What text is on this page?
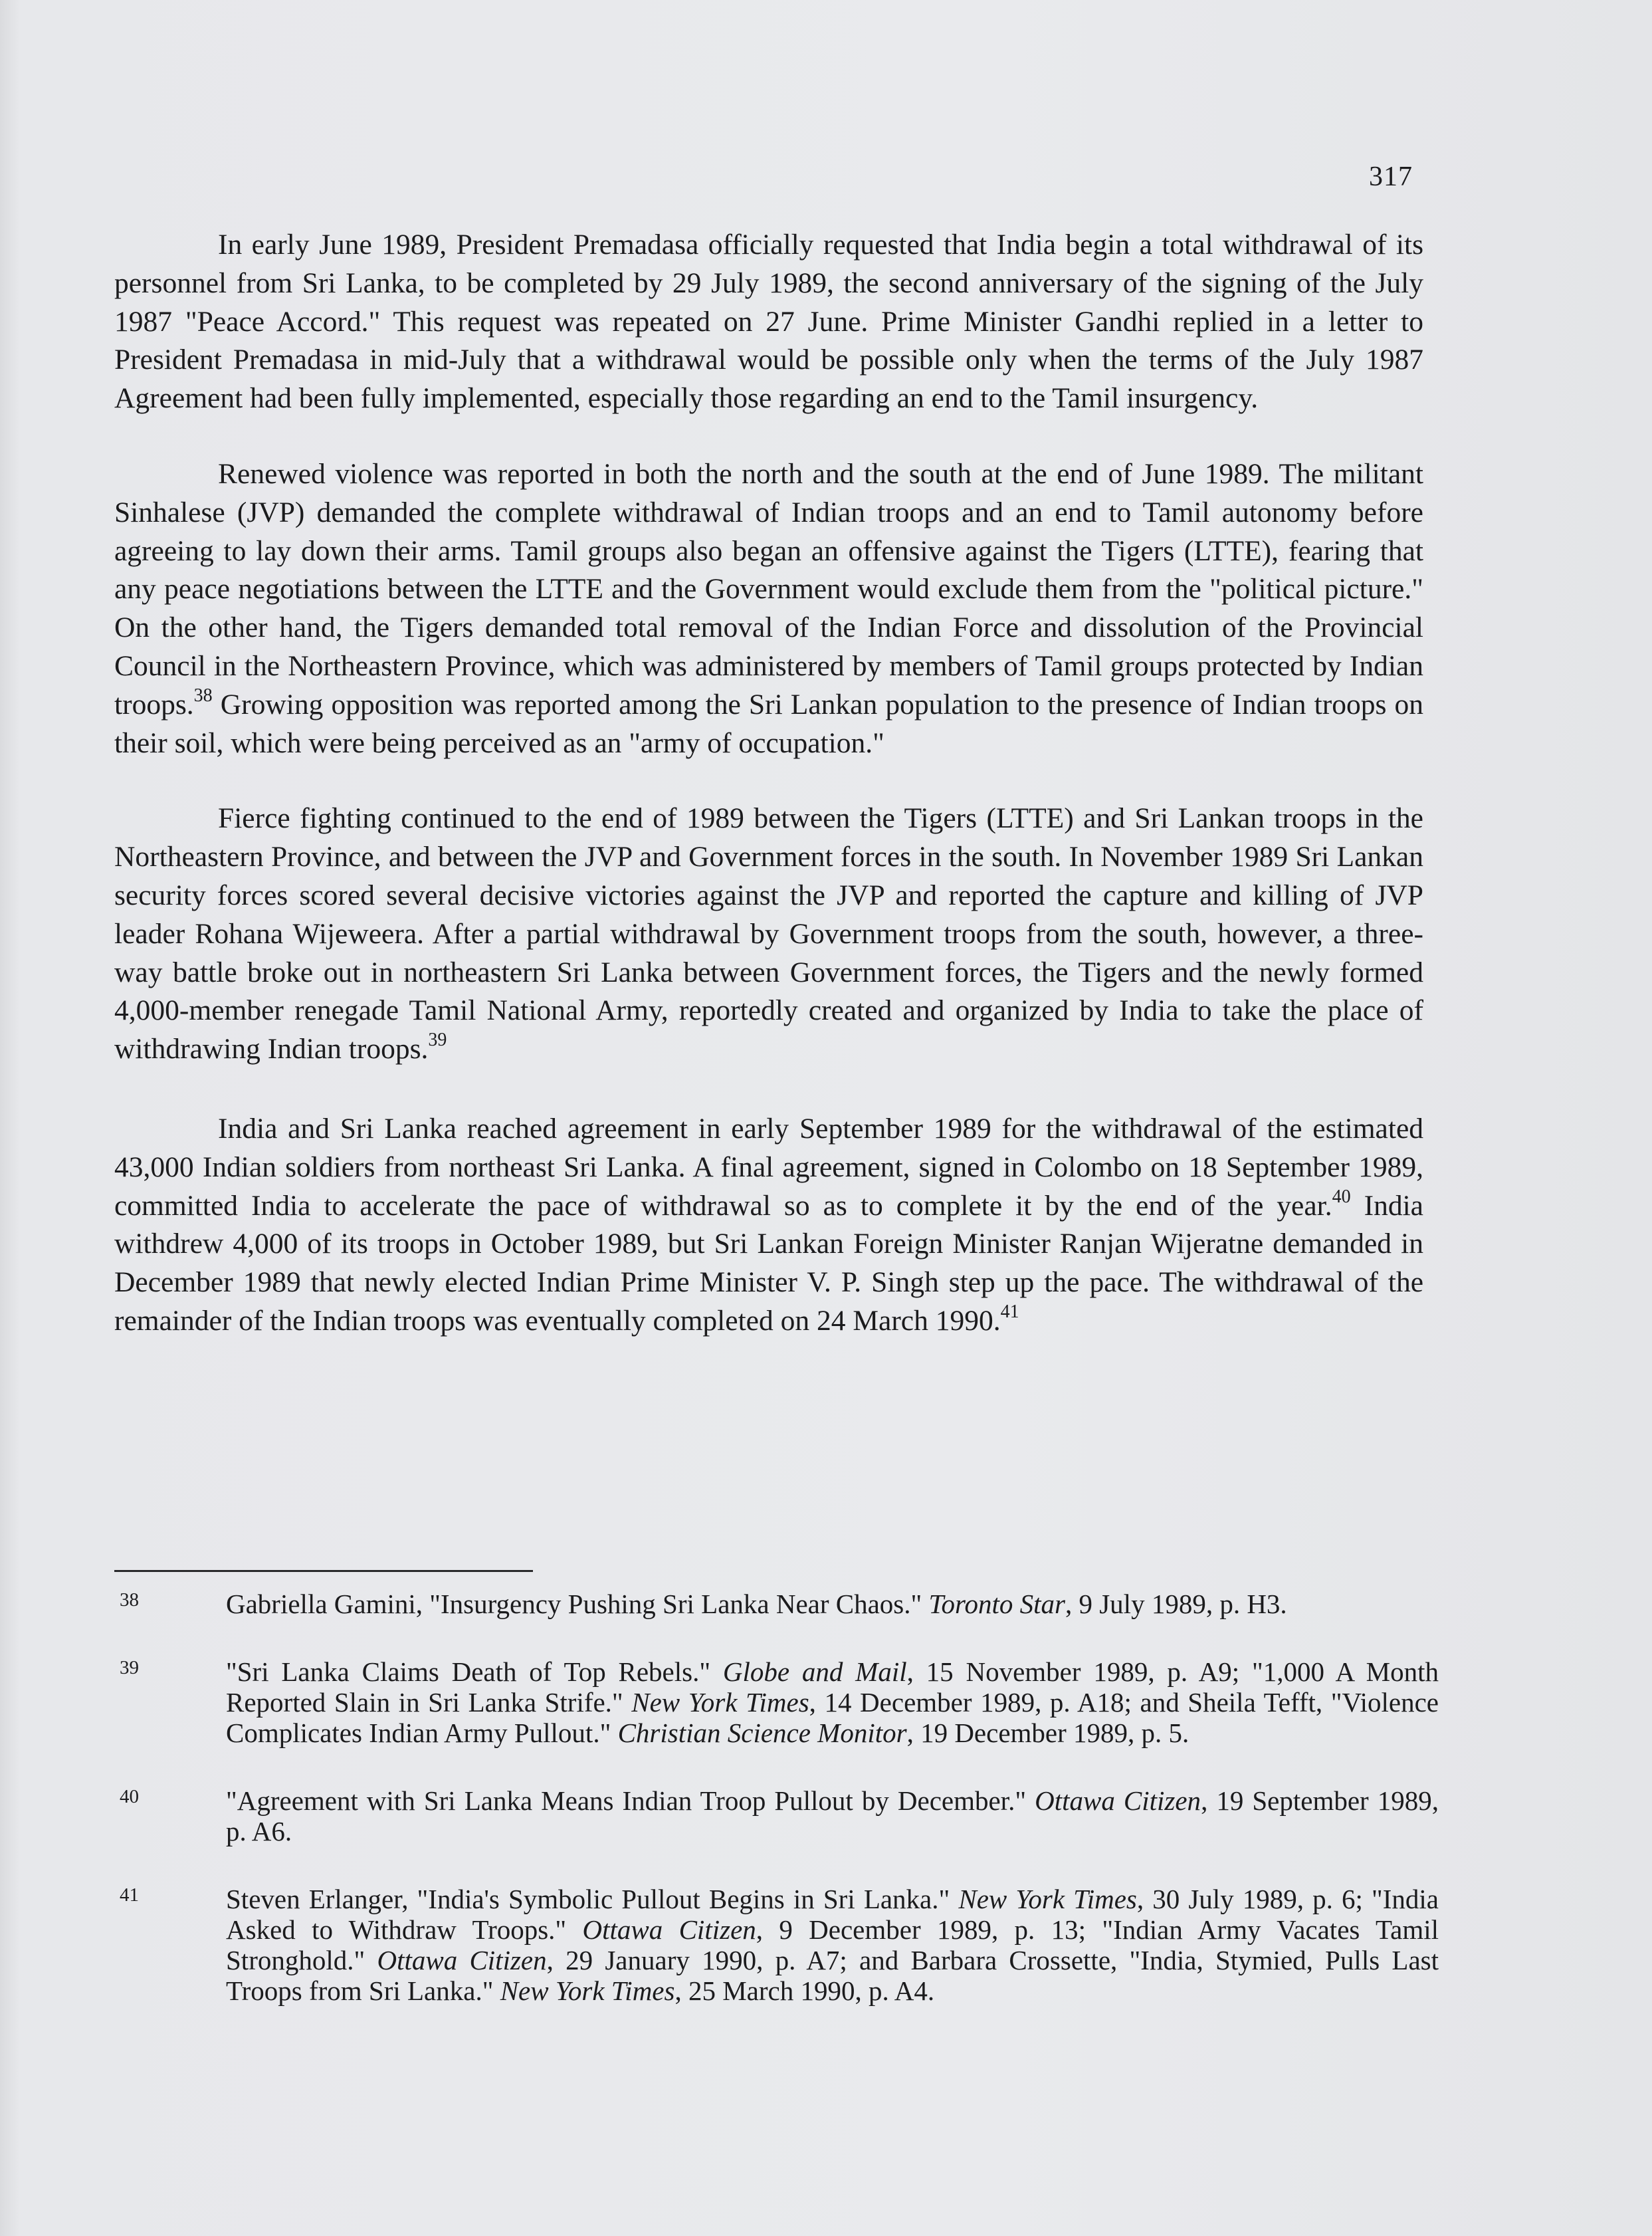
317

In early June 1989, President Premadasa officially requested that India begin a total withdrawal of its personnel from Sri Lanka, to be completed by 29 July 1989, the second anniversary of the signing of the July 1987 "Peace Accord." This request was repeated on 27 June. Prime Minister Gandhi replied in a letter to President Premadasa in mid-July that a withdrawal would be possible only when the terms of the July 1987 Agreement had been fully implemented, especially those regarding an end to the Tamil insurgency.

Renewed violence was reported in both the north and the south at the end of June 1989. The militant Sinhalese (JVP) demanded the complete withdrawal of Indian troops and an end to Tamil autonomy before agreeing to lay down their arms. Tamil groups also began an offensive against the Tigers (LTTE), fearing that any peace negotiations between the LTTE and the Government would exclude them from the "political picture." On the other hand, the Tigers demanded total removal of the Indian Force and dissolution of the Provincial Council in the Northeastern Province, which was administered by members of Tamil groups protected by Indian troops.$^{38}$ Growing opposition was reported among the Sri Lankan population to the presence of Indian troops on their soil, which were being perceived as an "army of occupation."

Fierce fighting continued to the end of 1989 between the Tigers (LTTE) and Sri Lankan troops in the Northeastern Province, and between the JVP and Government forces in the south. In November 1989 Sri Lankan security forces scored several decisive victories against the JVP and reported the capture and killing of JVP leader Rohana Wijeweera. After a partial withdrawal by Government troops from the south, however, a three-way battle broke out in northeastern Sri Lanka between Government forces, the Tigers and the newly formed 4,000-member renegade Tamil National Army, reportedly created and organized by India to take the place of withdrawing Indian troops.$^{39}$

India and Sri Lanka reached agreement in early September 1989 for the withdrawal of the estimated 43,000 Indian soldiers from northeast Sri Lanka. A final agreement, signed in Colombo on 18 September 1989, committed India to accelerate the pace of withdrawal so as to complete it by the end of the year.$^{40}$ India withdrew 4,000 of its troops in October 1989, but Sri Lankan Foreign Minister Ranjan Wijeratne demanded in December 1989 that newly elected Indian Prime Minister V. P. Singh step up the pace. The withdrawal of the remainder of the Indian troops was eventually completed on 24 March 1990.41

38	Gabriella Gamini, "Insurgency Pushing Sri Lanka Near Chaos." Toronto Star, 9 July 1989, p. H3.
39	"Sri Lanka Claims Death of Top Rebels." Globe and Mail, 15 November 1989, p. A9; "1,000 A Month Reported Slain in Sri Lanka Strife." New York Times, 14 December 1989, p. A18; and Sheila Tefft, "Violence Complicates Indian Army Pullout." Christian Science Monitor, 19 December 1989, p. 5.
40	"Agreement with Sri Lanka Means Indian Troop Pullout by December." Ottawa Citizen, 19 September 1989, p. A6.
41	Steven Erlanger, "India's Symbolic Pullout Begins in Sri Lanka." New York Times, 30 July 1989, p. 6; "India Asked to Withdraw Troops." Ottawa Citizen, 9 December 1989, p. 13; "Indian Army Vacates Tamil Stronghold." Ottawa Citizen, 29 January 1990, p. A7; and Barbara Crossette, "India, Stymied, Pulls Last Troops from Sri Lanka." New York Times, 25 March 1990, p. A4.
